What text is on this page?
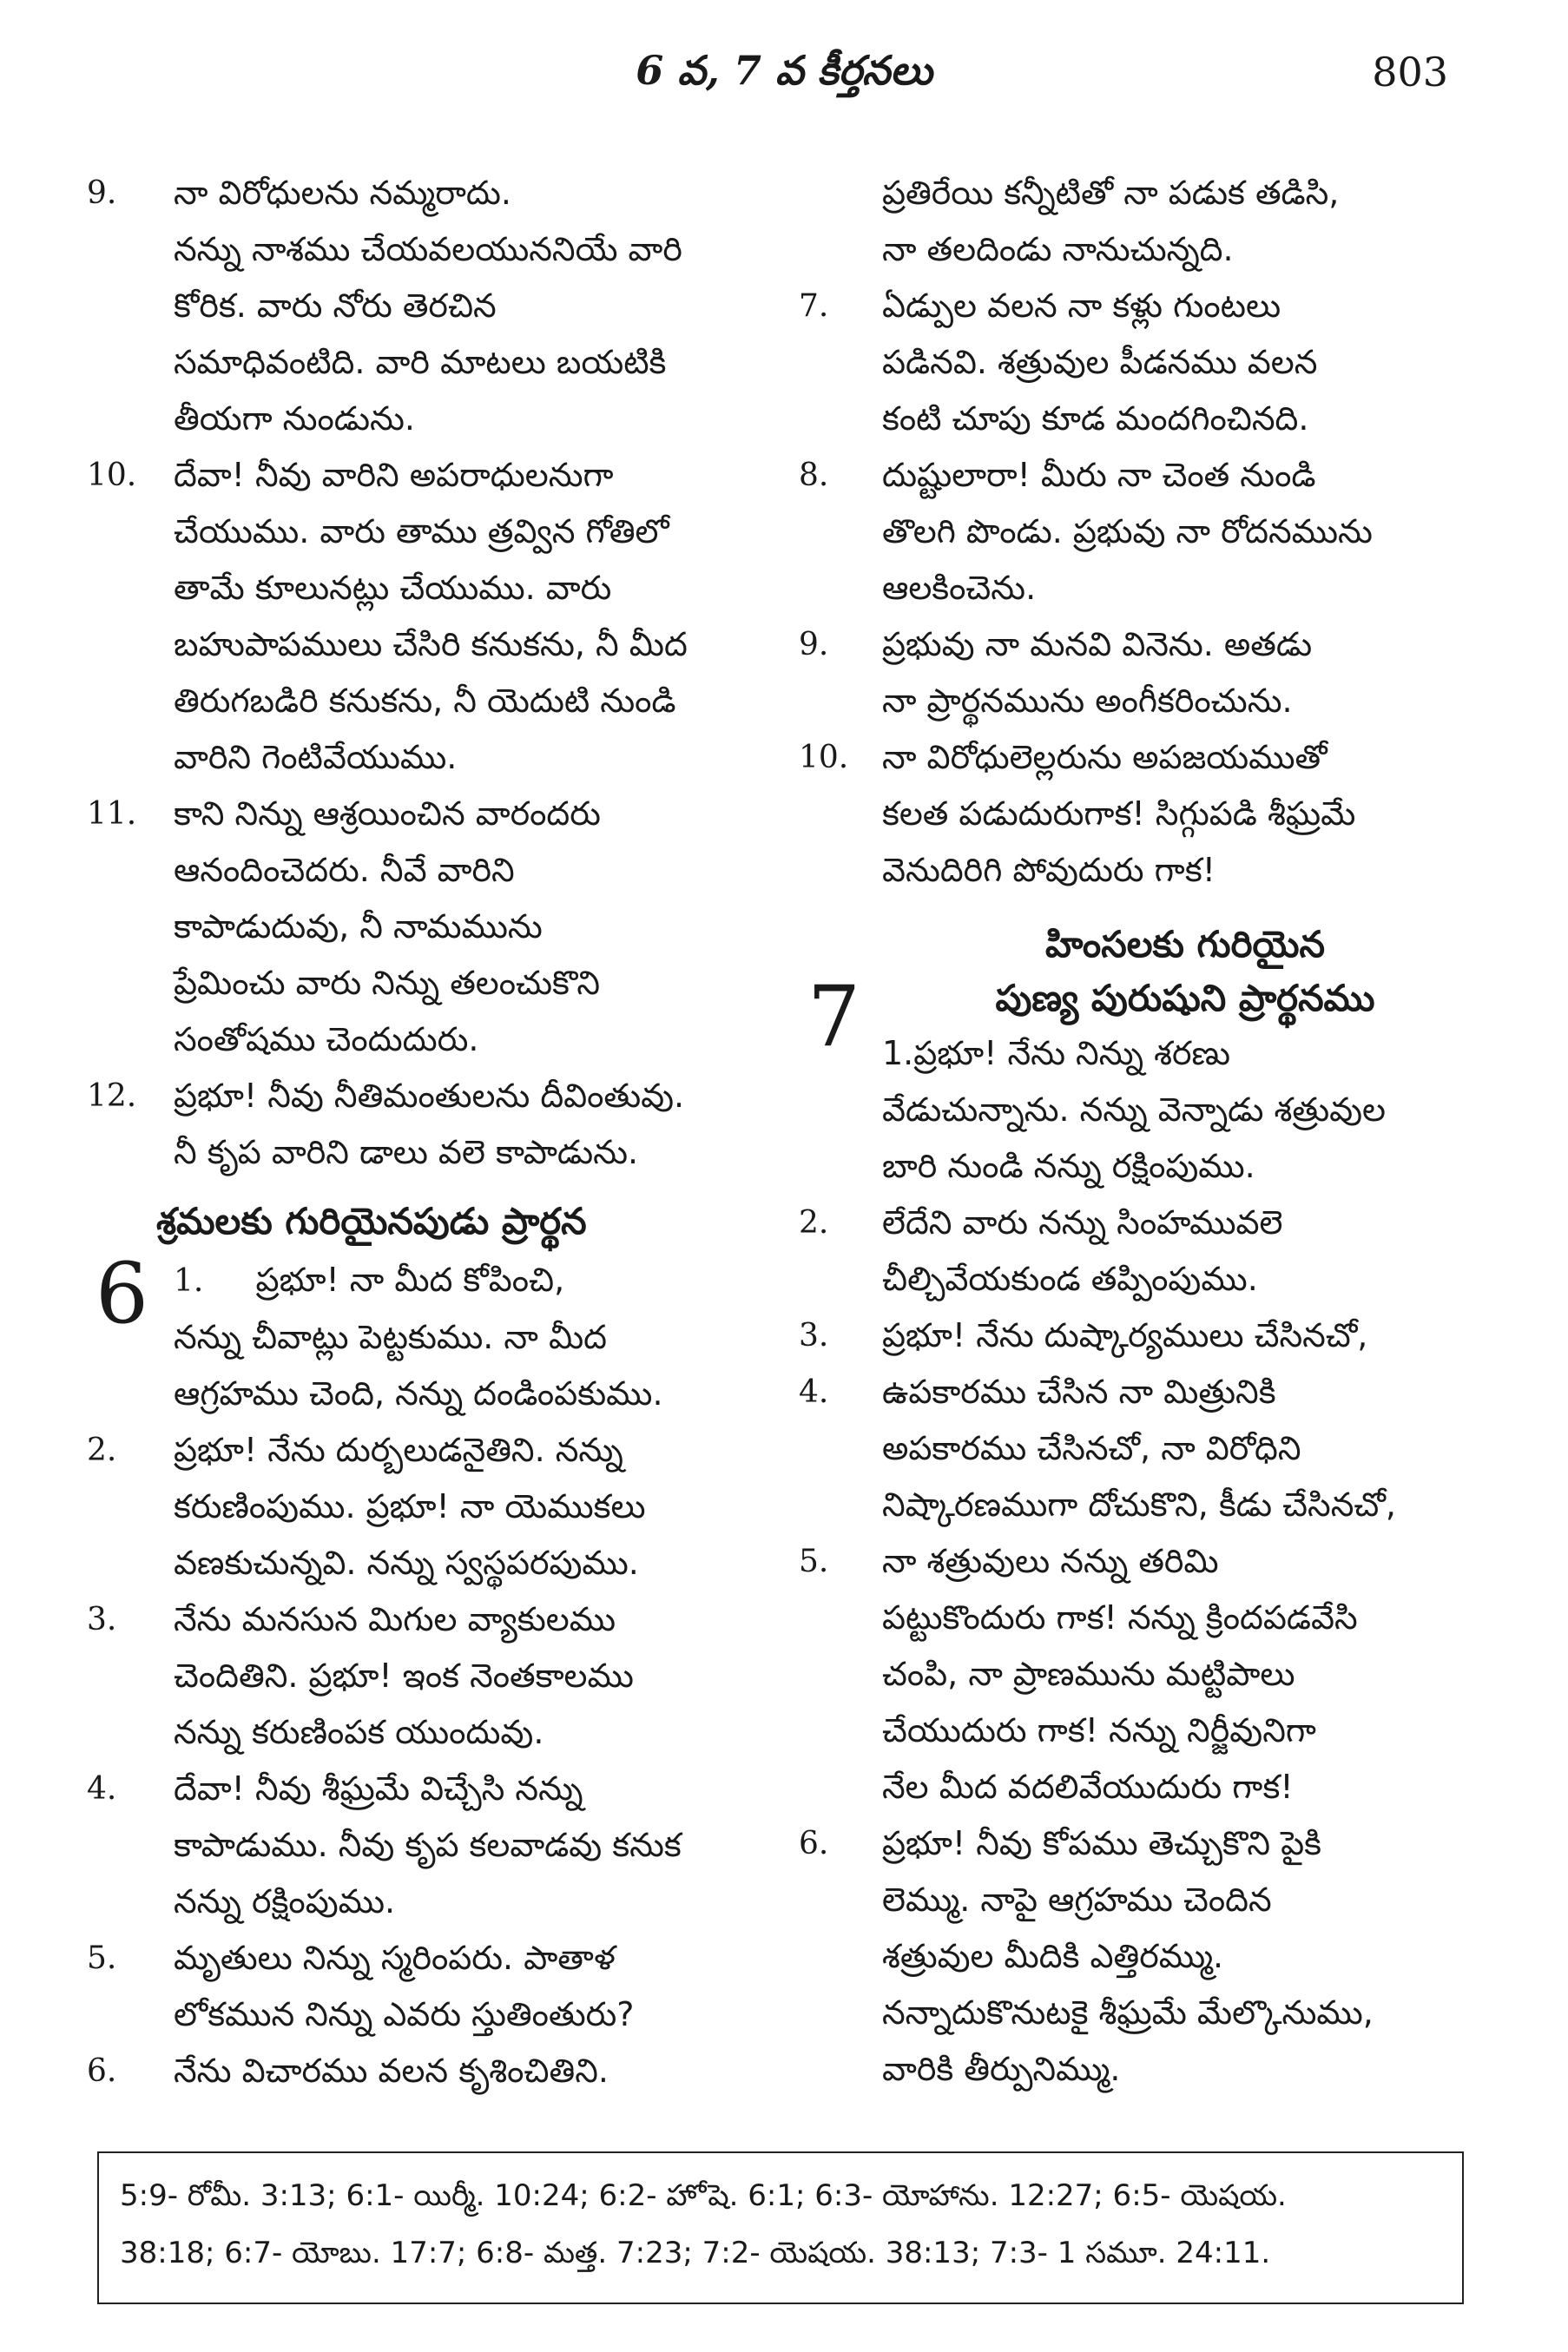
6 వ, 7 వ కీర్తనలు	803
9. నా విరోధులను నమ్మరాదు.
నన్ను నాశము చేయవలయుననియే వారి
కోరిక. వారు నోరు తెరచిన
సమాధివంటిది. వారి మాటలు బయటికి
తీయగా నుండును.
10. దేవా! నీవు వారిని అపరాధులనుగా
చేయుము. వారు తాము త్రవ్విన గోతిలో
తామే కూలునట్లు చేయుము. వారు
బహుపాపములు చేసిరి కనుకను, నీ మీద
తిరుగబడిరి కనుకను, నీ యెదుటి నుండి
వారిని గెంటివేయుము.
11. కాని నిన్ను ఆశ్రయించిన వారందరు
ఆనందించెదరు. నీవే వారిని
కాపాడుదువు, నీ నామమును
ప్రేమించు వారు నిన్ను తలంచుకొని
సంతోషము చెందుదురు.
12. ప్రభూ! నీవు నీతిమంతులను దీవింతువు.
నీ కృప వారిని డాలు వలె కాపాడును.
శ్రమలకు గురియైనపుడు ప్రార్థన
6 1. ప్రభూ! నా మీద కోపించి,
నన్ను చీవాట్లు పెట్టకుము. నా మీద
ఆగ్రహము చెంది, నన్ను దండింపకుము.
2. ప్రభూ! నేను దుర్బలుడనైతిని. నన్ను
కరుణింపుము. ప్రభూ! నా యెముకలు
వణకుచున్నవి. నన్ను స్వస్థపరపుము.
3. నేను మనసున మిగుల వ్యాకులము
చెందితిని. ప్రభూ! ఇంక నెంతకాలము
నన్ను కరుణింపక యుందువు.
4. దేవా! నీవు శీఘ్రమే విచ్చేసి నన్ను
కాపాడుము. నీవు కృప కలవాడవు కనుక
నన్ను రక్షింపుము.
5. మృతులు నిన్ను స్మరింపరు. పాతాళ
లోకమున నిన్ను ఎవరు స్తుతింతురు?
6. నేను విచారము వలన కృశించితిని.
ప్రతిరేయి కన్నీటితో నా పడుక తడిసి,
నా తలదిండు నానుచున్నది.
7. ఏడ్పుల వలన నా కళ్లు గుంటలు
పడినవి. శత్రువుల పీడనము వలన
కంటి చూపు కూడ మందగించినది.
8. దుష్టులారా! మీరు నా చెంత నుండి
తొలగి పొండు. ప్రభువు నా రోదనమును
ఆలకించెను.
9. ప్రభువు నా మనవి వినెను. అతడు
నా ప్రార్థనమును అంగీకరించును.
10. నా విరోధులెల్లరును అపజయముతో
కలత పడుదురుగాక! సిగ్గుపడి శీఘ్రమే
వెనుదిరిగి పోవుదురు గాక!
హింసలకు గురియైన
పుణ్య పురుషుని ప్రార్థనము
7 1.ప్రభూ! నేను నిన్ను శరణు
వేడుచున్నాను. నన్ను వెన్నాడు శత్రువుల
బారి నుండి నన్ను రక్షింపుము.
2. లేదేని వారు నన్ను సింహమువలె
చీల్చివేయకుండ తప్పింపుము.
3. ప్రభూ! నేను దుష్కార్యములు చేసినచో,
4. ఉపకారము చేసిన నా మిత్రునికి
అపకారము చేసినచో, నా విరోధిని
నిష్కారణముగా దోచుకొని, కీడు చేసినచో,
5. నా శత్రువులు నన్ను తరిమి
పట్టుకొందురు గాక! నన్ను క్రిందపడవేసి
చంపి, నా ప్రాణమును మట్టిపాలు
చేయుదురు గాక! నన్ను నిర్జీవునిగా
నేల మీద వదలివేయుదురు గాక!
6. ప్రభూ! నీవు కోపము తెచ్చుకొని పైకి
లెమ్ము. నాపై ఆగ్రహము చెందిన
శత్రువుల మీదికి ఎత్తిరమ్ము.
నన్నాదుకొనుటకై శీఘ్రమే మేల్కొనుము,
వారికి తీర్పునిమ్ము.
5:9- రోమీ. 3:13; 6:1- యిర్మీ. 10:24; 6:2- హోషె. 6:1; 6:3- యోహాను. 12:27; 6:5- యెషయ.
38:18; 6:7- యోబు. 17:7; 6:8- మత్త. 7:23; 7:2- యెషయ. 38:13; 7:3- 1 సమూ. 24:11.
